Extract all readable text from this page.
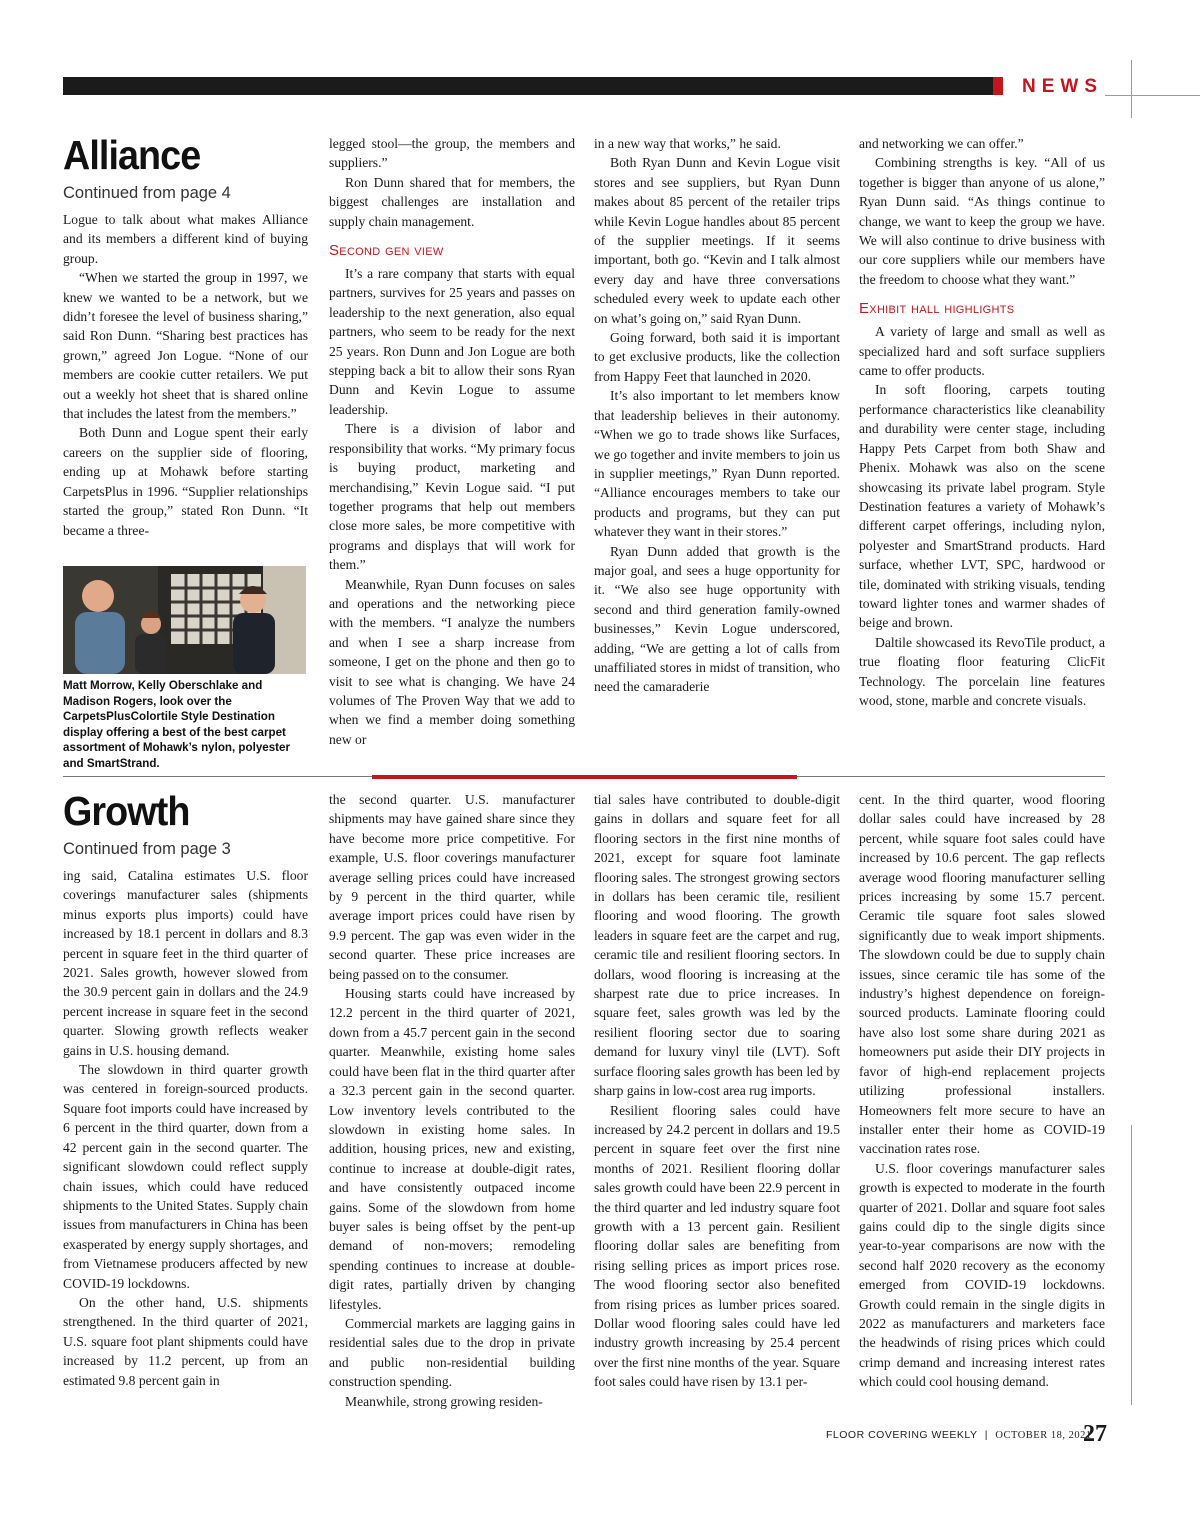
NEWS
Alliance
Continued from page 4

Logue to talk about what makes Alliance and its members a different kind of buying group.

“When we started the group in 1997, we knew we wanted to be a network, but we didn’t foresee the level of business sharing,” said Ron Dunn. “Sharing best practices has grown,” agreed Jon Logue. “None of our members are cookie cutter retailers. We put out a weekly hot sheet that is shared online that includes the latest from the members.”

Both Dunn and Logue spent their early careers on the supplier side of flooring, ending up at Mohawk before starting CarpetsPlus in 1996. “Supplier relationships started the group,” stated Ron Dunn. “It became a three-

Matt Morrow, Kelly Oberschlake and Madison Rogers, look over the CarpetsPlusColortile Style Destination display offering a best of the best carpet assortment of Mohawk’s nylon, polyester and SmartStrand.

legged stool—the group, the members and suppliers.”

Ron Dunn shared that for members, the biggest challenges are installation and supply chain management.

Second gen view

It’s a rare company that starts with equal partners, survives for 25 years and passes on leadership to the next generation, also equal partners, who seem to be ready for the next 25 years. Ron Dunn and Jon Logue are both stepping back a bit to allow their sons Ryan Dunn and Kevin Logue to assume leadership.

There is a division of labor and responsibility that works. “My primary focus is buying product, marketing and merchandising,” Kevin Logue said. “I put together programs that help out members close more sales, be more competitive with programs and displays that will work for them.”

Meanwhile, Ryan Dunn focuses on sales and operations and the networking piece with the members. “I analyze the numbers and when I see a sharp increase from someone, I get on the phone and then go to visit to see what is changing. We have 24 volumes of The Proven Way that we add to when we find a member doing something new or

in a new way that works,” he said.

Both Ryan Dunn and Kevin Logue visit stores and see suppliers, but Ryan Dunn makes about 85 percent of the retailer trips while Kevin Logue handles about 85 percent of the supplier meetings. If it seems important, both go. “Kevin and I talk almost every day and have three conversations scheduled every week to update each other on what’s going on,” said Ryan Dunn.

Going forward, both said it is important to get exclusive products, like the collection from Happy Feet that launched in 2020.

It’s also important to let members know that leadership believes in their autonomy. “When we go to trade shows like Surfaces, we go together and invite members to join us in supplier meetings,” Ryan Dunn reported. “Alliance encourages members to take our products and programs, but they can put whatever they want in their stores.”

Ryan Dunn added that growth is the major goal, and sees a huge opportunity for it. “We also see huge opportunity with second and third generation family-owned businesses,” Kevin Logue underscored, adding, “We are getting a lot of calls from unaffiliated stores in midst of transition, who need the camaraderie

and networking we can offer.”

Combining strengths is key. “All of us together is bigger than anyone of us alone,” Ryan Dunn said. “As things continue to change, we want to keep the group we have. We will also continue to drive business with our core suppliers while our members have the freedom to choose what they want.”

Exhibit hall highlights

A variety of large and small as well as specialized hard and soft surface suppliers came to offer products.

In soft flooring, carpets touting performance characteristics like cleanability and durability were center stage, including Happy Pets Carpet from both Shaw and Phenix. Mohawk was also on the scene showcasing its private label program. Style Destination features a variety of Mohawk’s different carpet offerings, including nylon, polyester and SmartStrand products. Hard surface, whether LVT, SPC, hardwood or tile, dominated with striking visuals, tending toward lighter tones and warmer shades of beige and brown.

Daltile showcased its RevoTile product, a true floating floor featuring ClicFit Technology. The porcelain line features wood, stone, marble and concrete visuals.

Growth
Continued from page 3

ing said, Catalina estimates U.S. floor coverings manufacturer sales (shipments minus exports plus imports) could have increased by 18.1 percent in dollars and 8.3 percent in square feet in the third quarter of 2021. Sales growth, however slowed from the 30.9 percent gain in dollars and the 24.9 percent increase in square feet in the second quarter. Slowing growth reflects weaker gains in U.S. housing demand.

The slowdown in third quarter growth was centered in foreign-sourced products. Square foot imports could have increased by 6 percent in the third quarter, down from a 42 percent gain in the second quarter. The significant slowdown could reflect supply chain issues, which could have reduced shipments to the United States. Supply chain issues from manufacturers in China has been exasperated by energy supply shortages, and from Vietnamese producers affected by new COVID-19 lockdowns.

On the other hand, U.S. shipments strengthened. In the third quarter of 2021, U.S. square foot plant shipments could have increased by 11.2 percent, up from an estimated 9.8 percent gain in

the second quarter. U.S. manufacturer shipments may have gained share since they have become more price competitive. For example, U.S. floor coverings manufacturer average selling prices could have increased by 9 percent in the third quarter, while average import prices could have risen by 9.9 percent. The gap was even wider in the second quarter. These price increases are being passed on to the consumer.

Housing starts could have increased by 12.2 percent in the third quarter of 2021, down from a 45.7 percent gain in the second quarter. Meanwhile, existing home sales could have been flat in the third quarter after a 32.3 percent gain in the second quarter. Low inventory levels contributed to the slowdown in existing home sales. In addition, housing prices, new and existing, continue to increase at double-digit rates, and have consistently outpaced income gains. Some of the slowdown from home buyer sales is being offset by the pent-up demand of non-movers; remodeling spending continues to increase at double-digit rates, partially driven by changing lifestyles.

Commercial markets are lagging gains in residential sales due to the drop in private and public non-residential building construction spending.

Meanwhile, strong growing residen-

tial sales have contributed to double-digit gains in dollars and square feet for all flooring sectors in the first nine months of 2021, except for square foot laminate flooring sales. The strongest growing sectors in dollars has been ceramic tile, resilient flooring and wood flooring. The growth leaders in square feet are the carpet and rug, ceramic tile and resilient flooring sectors. In dollars, wood flooring is increasing at the sharpest rate due to price increases. In square feet, sales growth was led by the resilient flooring sector due to soaring demand for luxury vinyl tile (LVT). Soft surface flooring sales growth has been led by sharp gains in low-cost area rug imports.

Resilient flooring sales could have increased by 24.2 percent in dollars and 19.5 percent in square feet over the first nine months of 2021. Resilient flooring dollar sales growth could have been 22.9 percent in the third quarter and led industry square foot growth with a 13 percent gain. Resilient flooring dollar sales are benefiting from rising selling prices as import prices rose. The wood flooring sector also benefited from rising prices as lumber prices soared. Dollar wood flooring sales could have led industry growth increasing by 25.4 percent over the first nine months of the year. Square foot sales could have risen by 13.1 per-

cent. In the third quarter, wood flooring dollar sales could have increased by 28 percent, while square foot sales could have increased by 10.6 percent. The gap reflects average wood flooring manufacturer selling prices increasing by some 15.7 percent. Ceramic tile square foot sales slowed significantly due to weak import shipments. The slowdown could be due to supply chain issues, since ceramic tile has some of the industry’s highest dependence on foreign-sourced products. Laminate flooring could have also lost some share during 2021 as homeowners put aside their DIY projects in favor of high-end replacement projects utilizing professional installers. Homeowners felt more secure to have an installer enter their home as COVID-19 vaccination rates rose.

U.S. floor coverings manufacturer sales growth is expected to moderate in the fourth quarter of 2021. Dollar and square foot sales gains could dip to the single digits since year-to-year comparisons are now with the second half 2020 recovery as the economy emerged from COVID-19 lockdowns. Growth could remain in the single digits in 2022 as manufacturers and marketers face the headwinds of rising prices which could crimp demand and increasing interest rates which could cool housing demand.

FLOOR COVERING WEEKLY | OCTOBER 18, 2021
27
